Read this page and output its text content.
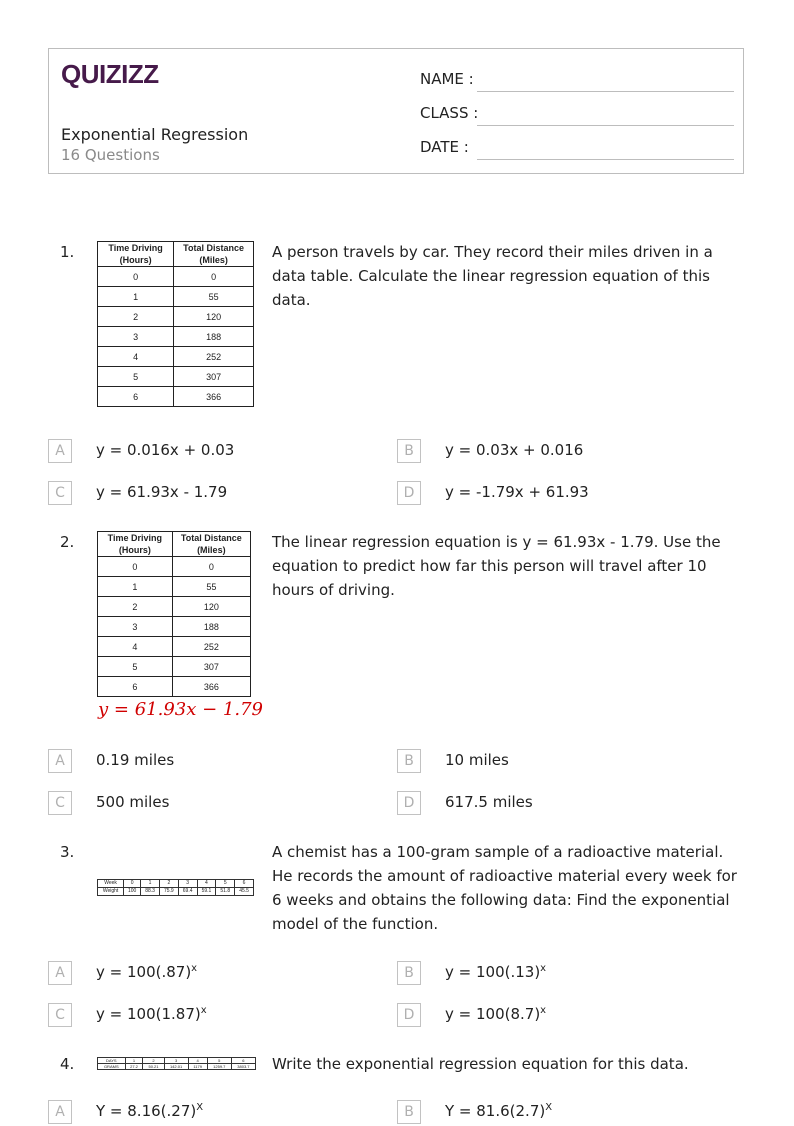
QUIZIZZ
Exponential Regression
16 Questions
NAME :
CLASS :
DATE :
1.	Time Driving (Hours)	Total Distance (Miles)
0	0
1	55
2	120
3	188
4	252
5	307
6	366
A person travels by car. They record their miles driven in a data table. Calculate the linear regression equation of this data.
A	y = 0.016x + 0.03	B	y = 0.03x + 0.016
C	y = 61.93x - 1.79	D	y = -1.79x + 61.93
2.	Time Driving (Hours)	Total Distance (Miles)
0	0
1	55
2	120
3	188
4	252
5	307
6	366
y = 61.93x − 1.79
The linear regression equation is y = 61.93x - 1.79. Use the equation to predict how far this person will travel after 10 hours of driving.
A	0.19 miles	B	10 miles
C	500 miles	D	617.5 miles
3.
Week	0	1	2	3	4	5	6
Weight	100	88.3	75.9	69.4	59.1	51.8	45.5
A chemist has a 100-gram sample of a radioactive material. He records the amount of radioactive material every week for 6 weeks and obtains the following data: Find the exponential model of the function.
A	$y = 100(.87)^x$	B	$y = 100(.13)^x$
C	$y = 100(1.87)^x$	D	$y = 100(8.7)^x$
4.	DAYS	1	2	3	4	5	6
GRAMS	27.2	50.21	142.01	1179	1259.7	3803.7 Write the exponential regression equation for this data.
A	$Y = 8.16(.27)^X$	B	$Y = 81.6(2.7)^X$
